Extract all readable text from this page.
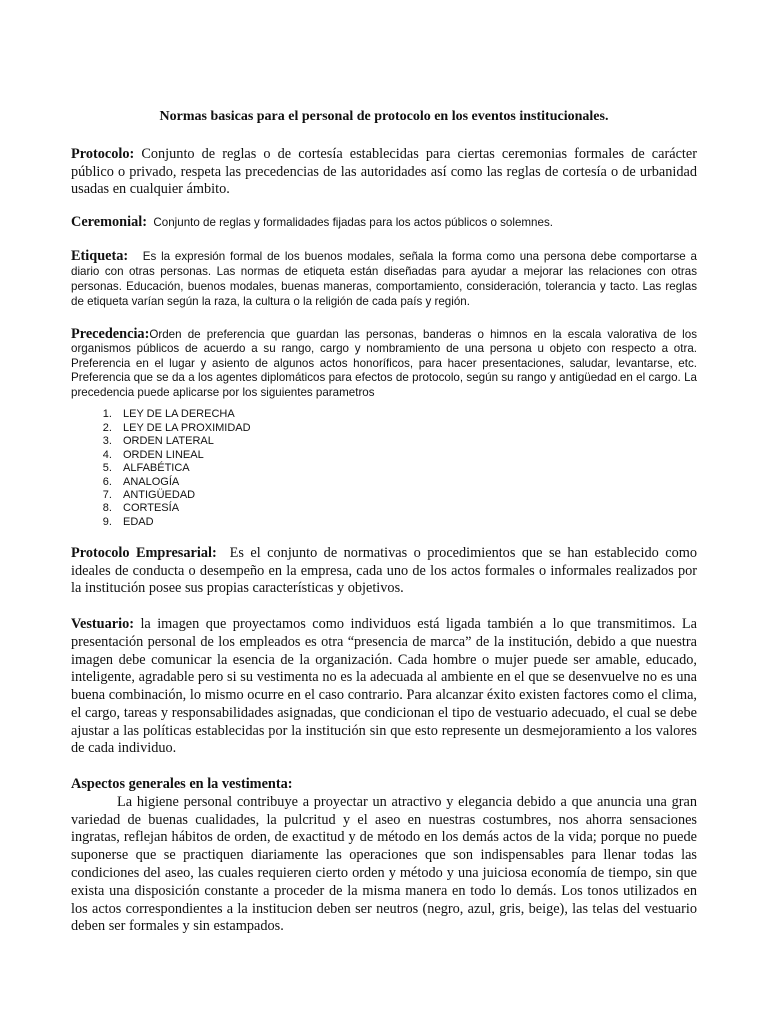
Normas basicas para el personal de protocolo en los eventos institucionales.

Protocolo: Conjunto de reglas o de cortesía establecidas para ciertas ceremonias formales de carácter público o privado, respeta las precedencias de las autoridades así como las reglas de cortesía o de urbanidad usadas en cualquier ámbito.

Ceremonial:  Conjunto de reglas y formalidades fijadas para los actos públicos o solemnes.

Etiqueta:   Es la expresión formal de los buenos modales, señala la forma como una persona debe comportarse a diario con otras personas. Las normas de etiqueta están diseñadas para ayudar a mejorar las relaciones con otras personas. Educación, buenos modales, buenas maneras, comportamiento, consideración, tolerancia y tacto. Las reglas de etiqueta varían según la raza, la cultura o la religión de cada país y región.

Precedencia:Orden de preferencia que guardan las personas, banderas o himnos en la escala valorativa de los organismos públicos de acuerdo a su rango, cargo y nombramiento de una persona u objeto con respecto a otra. Preferencia en el lugar y asiento de algunos actos honoríficos, para hacer presentaciones, saludar, levantarse, etc. Preferencia que se da a los agentes diplomáticos para efectos de protocolo, según su rango y antigüedad en el cargo. La precedencia puede aplicarse por los siguientes parametros

1. LEY DE LA DERECHA
2. LEY DE LA PROXIMIDAD
3. ORDEN LATERAL
4. ORDEN LINEAL
5. ALFABÉTICA
6. ANALOGÍA
7. ANTIGÜEDAD
8. CORTESÍA
9. EDAD

Protocolo Empresarial:  Es el conjunto de normativas o procedimientos que se han establecido como ideales de conducta o desempeño en la empresa, cada uno de los actos formales o informales realizados por la institución posee sus propias características y objetivos.

Vestuario: la imagen que proyectamos como individuos está ligada también a lo que transmitimos. La presentación personal de los empleados es otra “presencia de marca” de la institución, debido a que nuestra imagen debe comunicar la esencia de la organización. Cada hombre o mujer puede ser amable, educado, inteligente, agradable pero si su vestimenta no es la adecuada al ambiente en el que se desenvuelve no es una buena combinación, lo mismo ocurre en el caso contrario. Para alcanzar éxito existen factores como el clima, el cargo, tareas y responsabilidades asignadas, que condicionan el tipo de vestuario adecuado, el cual se debe ajustar a las políticas establecidas por la institución sin que esto represente un desmejoramiento a los valores de cada individuo.

Aspectos generales en la vestimenta:

La higiene personal contribuye a proyectar un atractivo y elegancia debido a que anuncia una gran variedad de buenas cualidades, la pulcritud y el aseo en nuestras costumbres, nos ahorra sensaciones ingratas, reflejan hábitos de orden, de exactitud y de método en los demás actos de la vida; porque no puede suponerse que se practiquen diariamente las operaciones que son indispensables para llenar todas las condiciones del aseo, las cuales requieren cierto orden y método y una juiciosa economía de tiempo, sin que exista una disposición constante a proceder de la misma manera en todo lo demás. Los tonos utilizados en los actos correspondientes a la institucion deben ser neutros (negro, azul, gris, beige), las telas del vestuario deben ser formales y sin estampados.
